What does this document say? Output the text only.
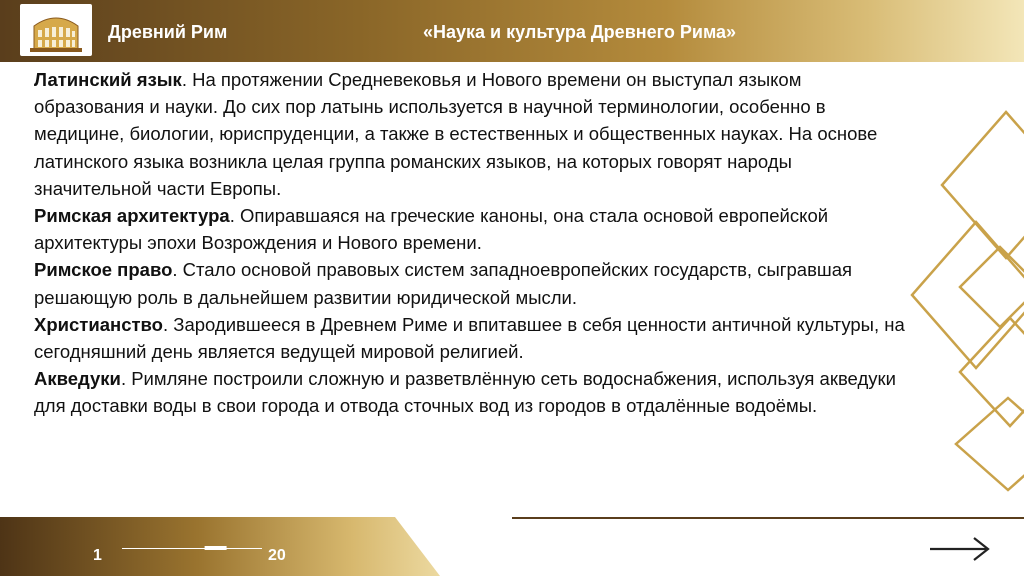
Древний Рим	«Наука и культура Древнего Рима»

Латинский язык. На протяжении Средневековья и Нового времени он выступал языком образования и науки. До сих пор латынь используется в научной терминологии, особенно в медицине, биологии, юриспруденции, а также в естественных и общественных науках. На основе латинского языка возникла целая группа романских языков, на которых говорят народы значительной части Европы.

Римская архитектура. Опиравшаяся на греческие каноны, она стала основой европейской архитектуры эпохи Возрождения и Нового времени.

Римское право. Стало основой правовых систем западноевропейских государств, сыгравшая решающую роль в дальнейшем развитии юридической мысли.

Христианство. Зародившееся в Древнем Риме и впитавшее в себя ценности античной культуры, на сегодняшний день является ведущей мировой религией.

Акведуки. Римляне построили сложную и разветвлённую сеть водоснабжения, используя акведуки для доставки воды в свои города и отвода сточных вод из городов в отдалённые водоёмы.

1	20
